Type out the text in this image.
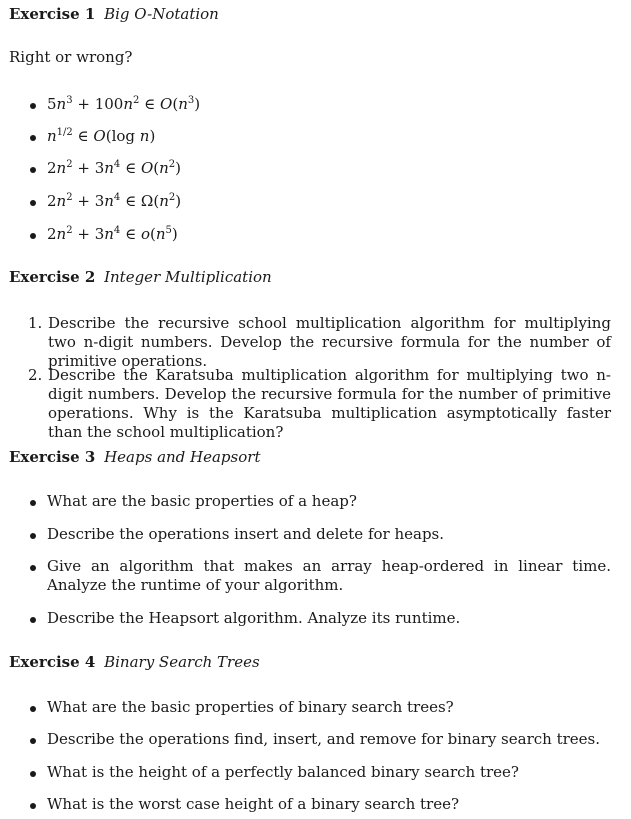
Exercise 1 Big O-Notation

Right or wrong?

$5n^3 + 100n^2$ ∈ $O(n^3)$
$n^{1/2}$ ∈ O(log n)
$2n^2 + 3n^4$ ∈ $O(n^2)$
$2n^2 + 3n^4$ ∈ $\Omega(n^2)$
$2n^2 + 3n^4$ ∈ $o(n^5)$
Exercise 2 Integer Multiplication
1. Describe the recursive school multiplication algorithm for multiplying two n-digit numbers. Develop the recursive formula for the number of primitive operations.
2. Describe the Karatsuba multiplication algorithm for multiplying two n-digit numbers. Develop the recursive formula for the number of primitive operations. Why is the Karatsuba multiplication asymptotically faster than the school multiplication?
Exercise 3 Heaps and Heapsort
What are the basic properties of a heap?
Describe the operations insert and delete for heaps.
Give an algorithm that makes an array heap-ordered in linear time. Analyze the runtime of your algorithm.
Describe the Heapsort algorithm. Analyze its runtime.
Exercise 4 Binary Search Trees
What are the basic properties of binary search trees?
Describe the operations find, insert, and remove for binary search trees.
What is the height of a perfectly balanced binary search tree?
What is the worst case height of a binary search tree?
